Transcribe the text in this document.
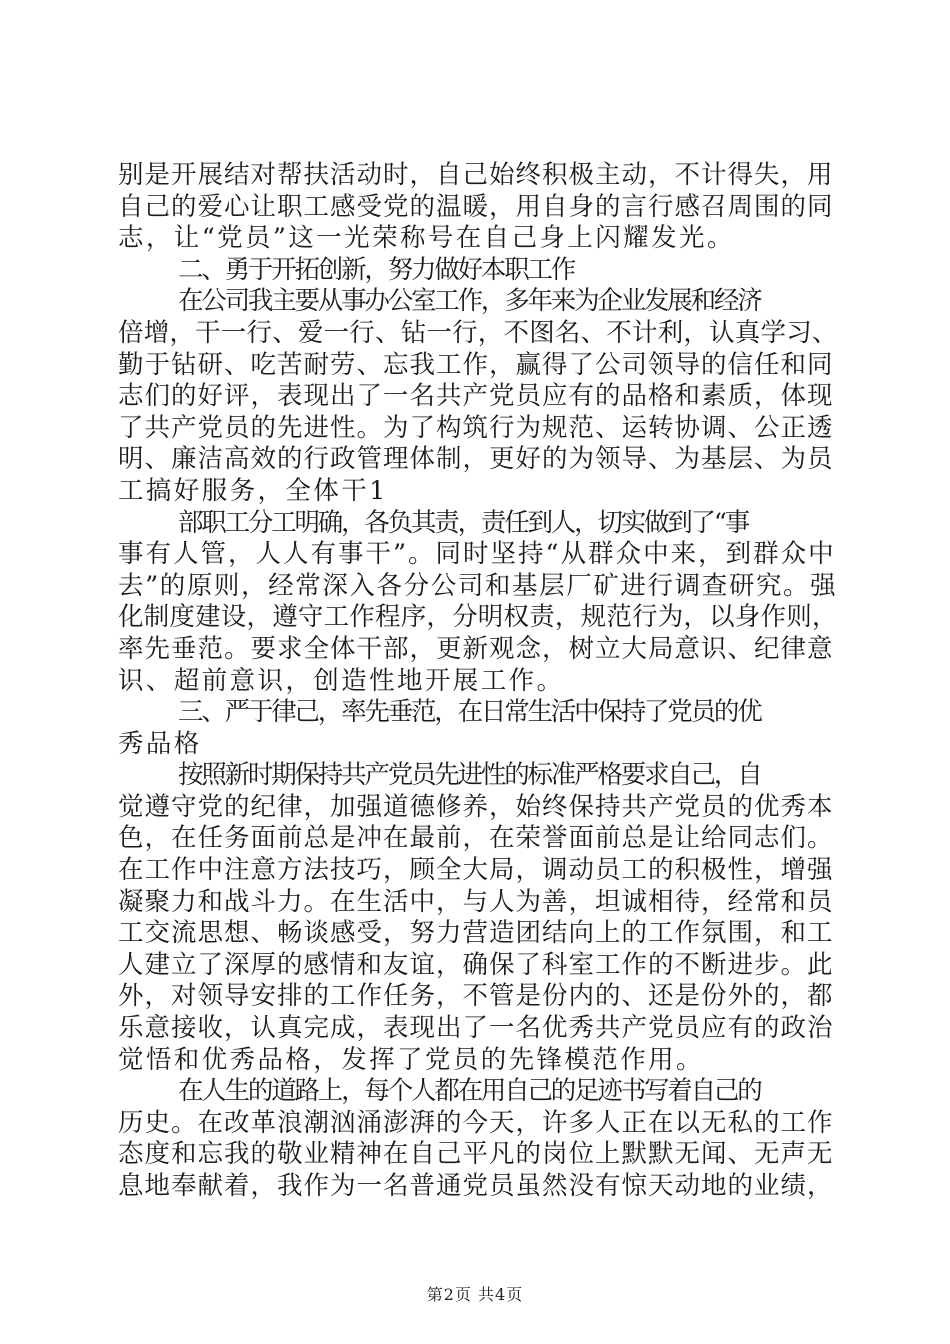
别是开展结对帮扶活动时，自己始终积极主动，不计得失，用
自己的爱心让职工感受党的温暖，用自身的言行感召周围的同
志，让“党员”这一光荣称号在自己身上闪耀发光。
二、勇于开拓创新，努力做好本职工作
在公司我主要从事办公室工作，多年来为企业发展和经济
倍增，干一行、爱一行、钻一行，不图名、不计利，认真学习、
勤于钻研、吃苦耐劳、忘我工作，赢得了公司领导的信任和同
志们的好评，表现出了一名共产党员应有的品格和素质，体现
了共产党员的先进性。为了构筑行为规范、运转协调、公正透
明、廉洁高效的行政管理体制，更好的为领导、为基层、为员
工搞好服务，全体干1
部职工分工明确，各负其责，责任到人，切实做到了“事
事有人管，人人有事干”。同时坚持“从群众中来，到群众中
去”的原则，经常深入各分公司和基层厂矿进行调查研究。强
化制度建设，遵守工作程序，分明权责，规范行为，以身作则，
率先垂范。要求全体干部，更新观念，树立大局意识、纪律意
识、超前意识，创造性地开展工作。
三、严于律己，率先垂范，在日常生活中保持了党员的优
秀品格
按照新时期保持共产党员先进性的标准严格要求自己，自
觉遵守党的纪律，加强道德修养，始终保持共产党员的优秀本
色，在任务面前总是冲在最前，在荣誉面前总是让给同志们。
在工作中注意方法技巧，顾全大局，调动员工的积极性，增强
凝聚力和战斗力。在生活中，与人为善，坦诚相待，经常和员
工交流思想、畅谈感受，努力营造团结向上的工作氛围，和工
人建立了深厚的感情和友谊，确保了科室工作的不断进步。此
外，对领导安排的工作任务，不管是份内的、还是份外的，都
乐意接收，认真完成，表现出了一名优秀共产党员应有的政治
觉悟和优秀品格，发挥了党员的先锋模范作用。
在人生的道路上，每个人都在用自己的足迹书写着自己的
历史。在改革浪潮汹涌澎湃的今天，许多人正在以无私的工作
态度和忘我的敬业精神在自己平凡的岗位上默默无闻、无声无
息地奉献着，我作为一名普通党员虽然没有惊天动地的业绩，
第2页 共4页
